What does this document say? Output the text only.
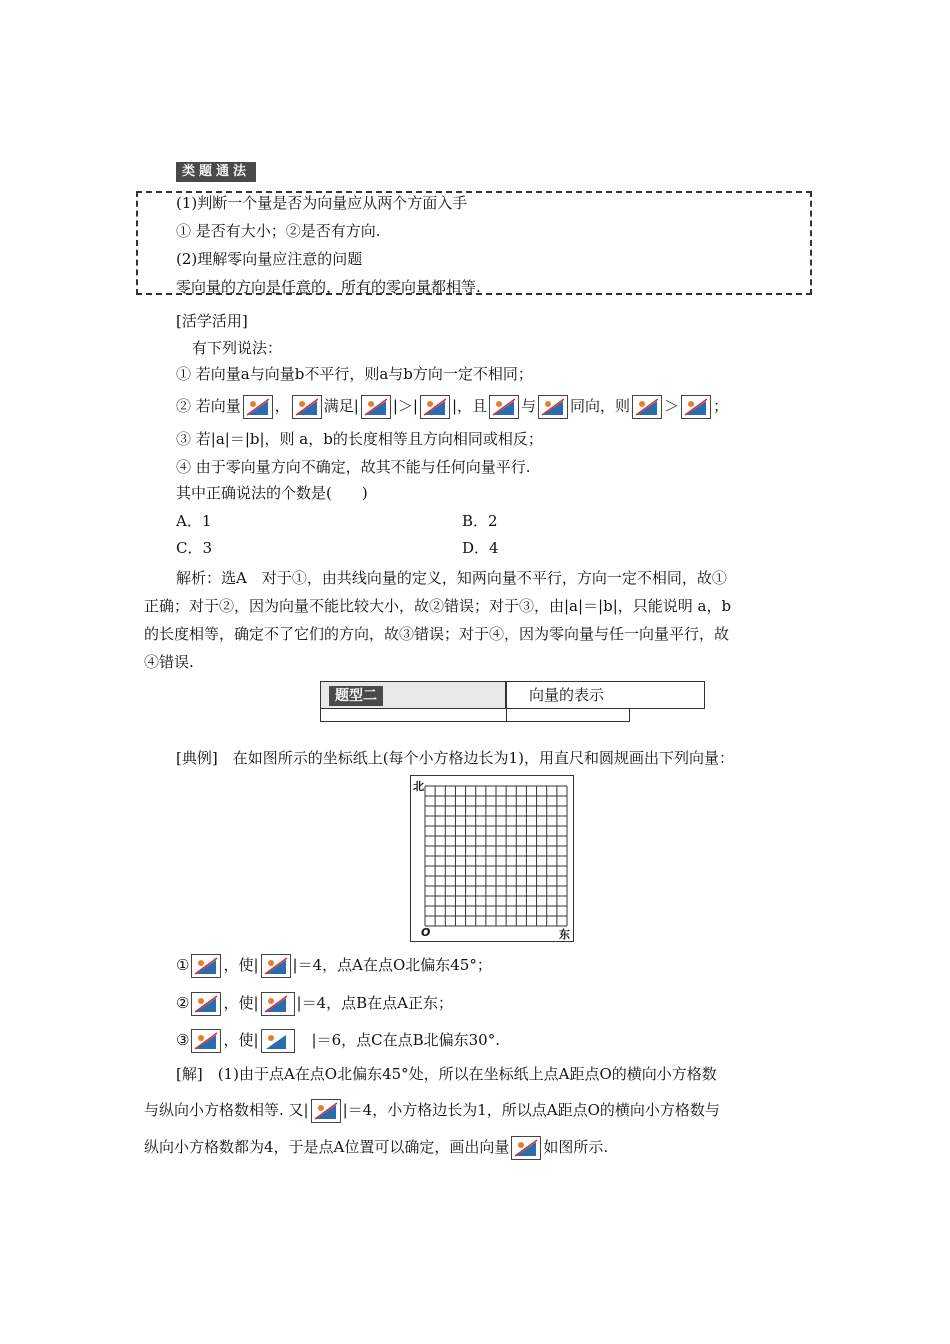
类题通法
(1)判断一个量是否为向量应从两个方面入手
① 是否有大小；②是否有方向.
(2)理解零向量应注意的问题
零向量的方向是任意的，所有的零向量都相等.
[活学活用]
有下列说法：
① 若向量a与向量b不平行，则a与b方向一定不相同；
② 若向量 ， 满足| |＞| |，且 与 同向，则 ＞ ；
③ 若|a|＝|b|，则 a，b的长度相等且方向相同或相反；
④ 由于零向量方向不确定，故其不能与任何向量平行.
其中正确说法的个数是(　　)
A．1	B．2
C．3	D．4
解析：选A　对于①，由共线向量的定义，知两向量不平行，方向一定不相同，故①
正确；对于②，因为向量不能比较大小，故②错误；对于③，由|a|＝|b|，只能说明 a，b
的长度相等，确定不了它们的方向，故③错误；对于④，因为零向量与任一向量平行，故
④错误.
题型二	向量的表示
[典例]　在如图所示的坐标纸上(每个小方格边长为1)，用直尺和圆规画出下列向量：
北
O	东
① ，使| |＝4，点A在点O北偏东45°；
② ，使|	|＝4，点B在点A正东；
③ ，使|	　|＝6，点C在点B北偏东30°.
[解]　(1)由于点A在点O北偏东45°处，所以在坐标纸上点A距点O的横向小方格数
与纵向小方格数相等. 又| |＝4，小方格边长为1，所以点A距点O的横向小方格数与
纵向小方格数都为4，于是点A位置可以确定，画出向量 如图所示.
